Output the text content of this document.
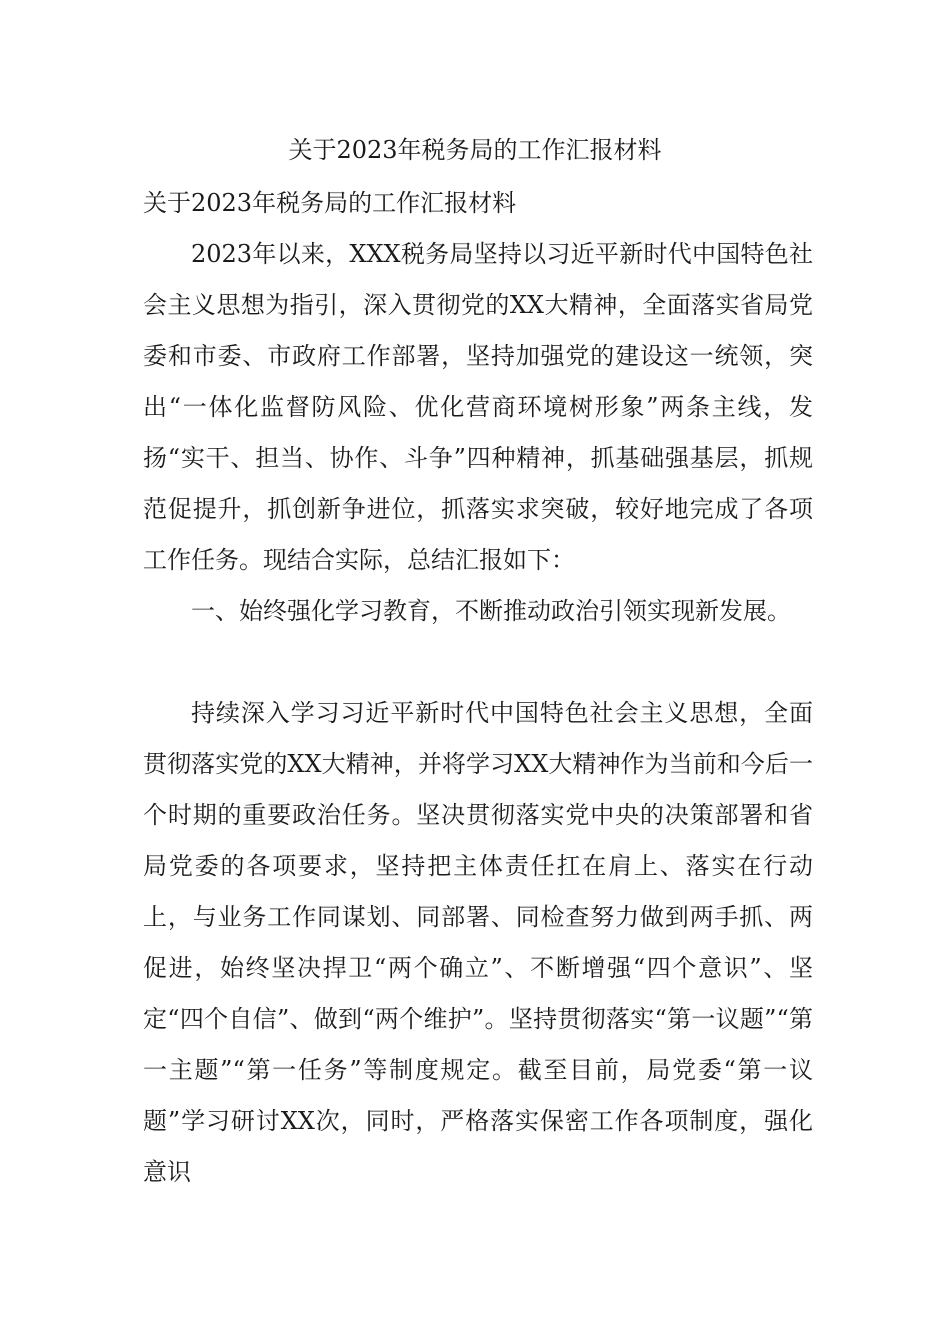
关于2023年税务局的工作汇报材料

关于2023年税务局的工作汇报材料

2023年以来，XXX税务局坚持以习近平新时代中国特色社会主义思想为指引，深入贯彻党的XX大精神，全面落实省局党委和市委、市政府工作部署，坚持加强党的建设这一统领，突出“一体化监督防风险、优化营商环境树形象”两条主线，发扬“实干、担当、协作、斗争”四种精神，抓基础强基层，抓规范促提升，抓创新争进位，抓落实求突破，较好地完成了各项工作任务。现结合实际，总结汇报如下：

一、始终强化学习教育，不断推动政治引领实现新发展。

持续深入学习习近平新时代中国特色社会主义思想，全面贯彻落实党的XX大精神，并将学习XX大精神作为当前和今后一个时期的重要政治任务。坚决贯彻落实党中央的决策部署和省局党委的各项要求，坚持把主体责任扛在肩上、落实在行动上，与业务工作同谋划、同部署、同检查努力做到两手抓、两促进，始终坚决捍卫“两个确立”、不断增强“四个意识”、坚定“四个自信”、做到“两个维护”。坚持贯彻落实“第一议题”“第一主题”“第一任务”等制度规定。截至目前，局党委“第一议题”学习研讨XX次，同时，严格落实保密工作各项制度，强化意识
